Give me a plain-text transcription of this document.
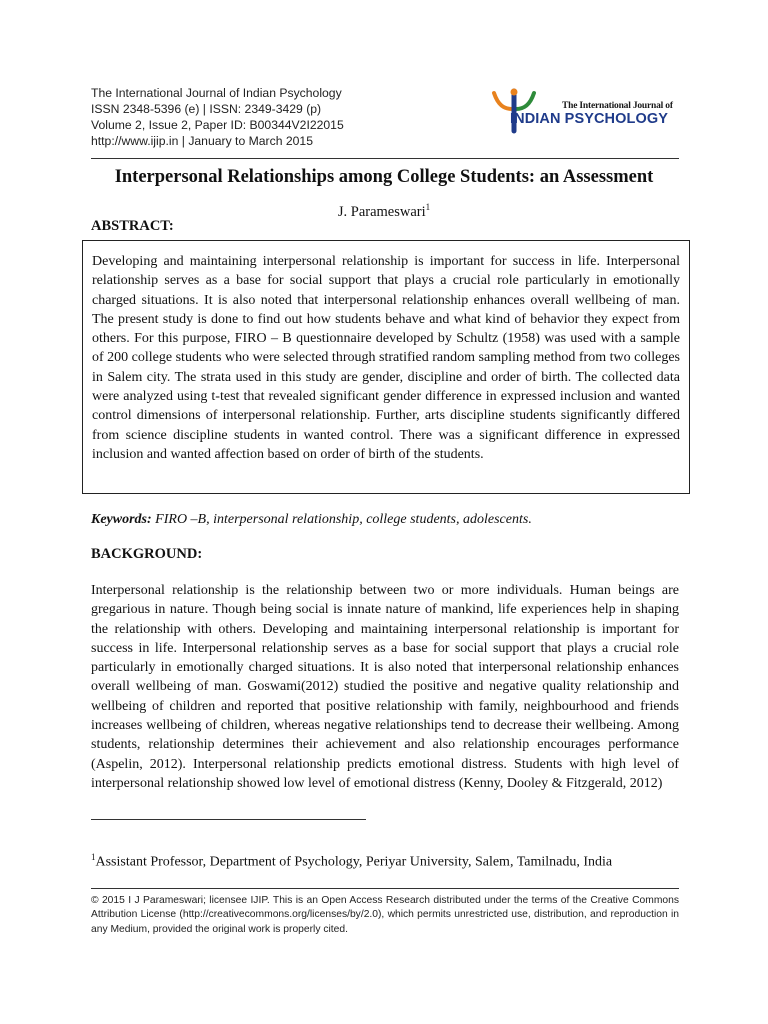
The International Journal of Indian Psychology
ISSN 2348-5396 (e) | ISSN: 2349-3429 (p)
Volume 2, Issue 2, Paper ID: B00344V2I22015
http://www.ijip.in | January to March 2015
The International Journal of
INDIAN PSYCHOLOGY
Interpersonal Relationships among College Students: an Assessment
J. Parameswari$^1$
ABSTRACT:

Developing and maintaining interpersonal relationship is important for success in life. Interpersonal relationship serves as a base for social support that plays a crucial role particularly in emotionally charged situations. It is also noted that interpersonal relationship enhances overall wellbeing of man. The present study is done to find out how students behave and what kind of behavior they expect from others. For this purpose, FIRO – B questionnaire developed by Schultz (1958) was used with a sample of 200 college students who were selected through stratified random sampling method from two colleges in Salem city. The strata used in this study are gender, discipline and order of birth. The collected data were analyzed using t-test that revealed significant gender difference in expressed inclusion and wanted control dimensions of interpersonal relationship. Further, arts discipline students significantly differed from science discipline students in wanted control. There was a significant difference in expressed inclusion and wanted affection based on order of birth of the students.

Keywords: FIRO –B, interpersonal relationship, college students, adolescents.
BACKGROUND:

Interpersonal relationship is the relationship between two or more individuals. Human beings are gregarious in nature. Though being social is innate nature of mankind, life experiences help in shaping the relationship with others. Developing and maintaining interpersonal relationship is important for success in life. Interpersonal relationship serves as a base for social support that plays a crucial role particularly in emotionally charged situations. It is also noted that interpersonal relationship enhances overall wellbeing of man. Goswami(2012) studied the positive and negative quality relationship and wellbeing of children and reported that positive relationship with family, neighbourhood and friends increases wellbeing of children, whereas negative relationships tend to decrease their wellbeing. Among students, relationship determines their achievement and also relationship encourages performance (Aspelin, 2012). Interpersonal relationship predicts emotional distress. Students with high level of interpersonal relationship showed low level of emotional distress (Kenny, Dooley & Fitzgerald, 2012)

$^1$Assistant Professor, Department of Psychology, Periyar University, Salem, Tamilnadu, India

© 2015 I J Parameswari; licensee IJIP. This is an Open Access Research distributed under the terms of the Creative Commons Attribution License (http://creativecommons.org/licenses/by/2.0), which permits unrestricted use, distribution, and reproduction in any Medium, provided the original work is properly cited.
